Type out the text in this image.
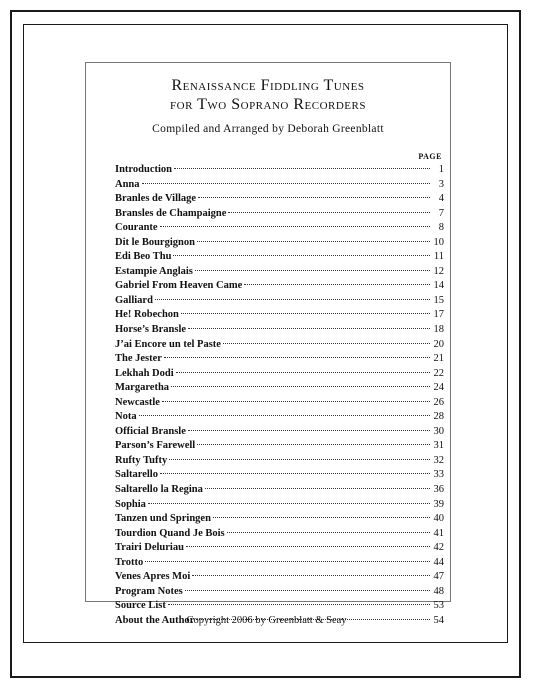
Renaissance Fiddling Tunes
for Two Soprano Recorders
Compiled and Arranged by Deborah Greenblatt
PAGE
Introduction	1
Anna	3
Branles de Village	4
Bransles de Champaigne	7
Courante	8
Dit le Bourgignon	10
Edi Beo Thu	11
Estampie Anglais	12
Gabriel From Heaven Came	14
Galliard	15
He! Robechon	17
Horse’s Bransle	18
J’ai Encore un tel Paste	20
The Jester	21
Lekhah Dodi	22
Margaretha	24
Newcastle	26
Nota	28
Official Bransle	30
Parson’s Farewell	31
Rufty Tufty	32
Saltarello	33
Saltarello la Regina	36
Sophia	39
Tanzen und Springen	40
Tourdion Quand Je Bois	41
Trairi Deluriau	42
Trotto	44
Venes Apres Moi	47
Program Notes	48
Source List	53
About the Author	54
Copyright 2006 by Greenblatt & Seay
